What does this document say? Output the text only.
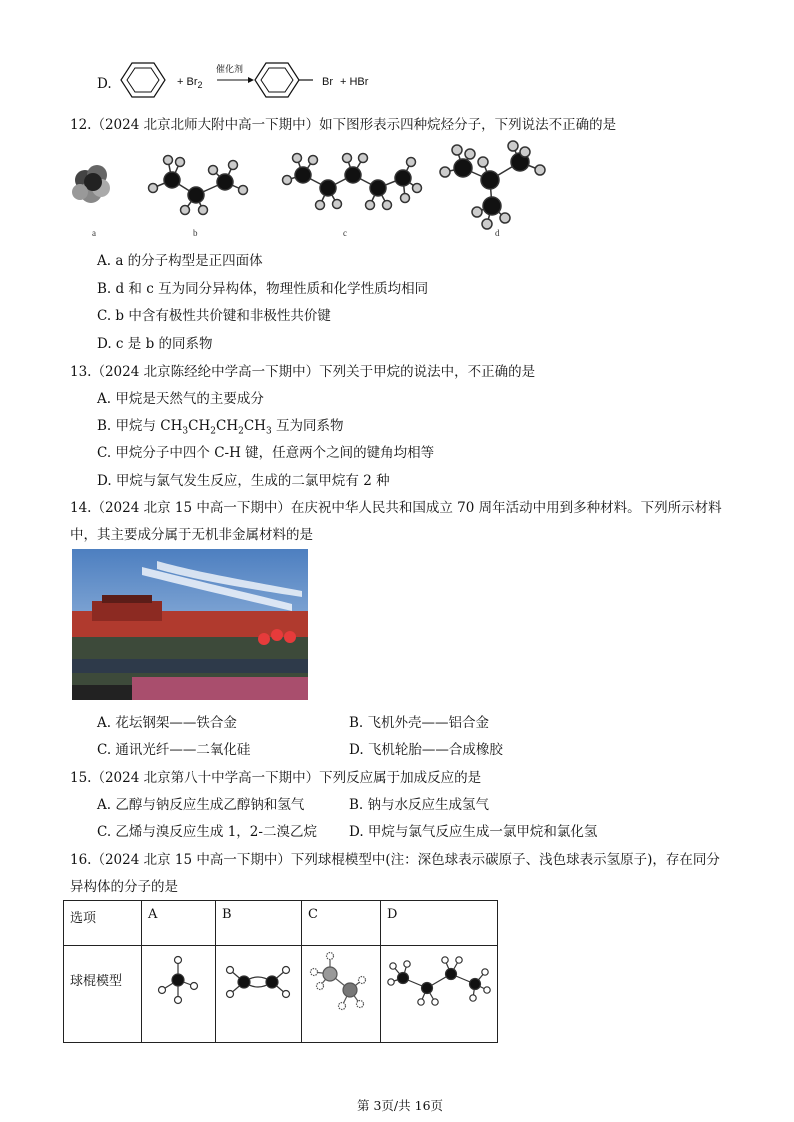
D.	+ $Br_2$
催化剂
Br + HBr
12.（2024 北京北师大附中高一下期中）如下图形表示四种烷烃分子，下列说法不正确的是
a	b	c	d
A. a 的分子构型是正四面体
B. d 和 c 互为同分异构体，物理性质和化学性质均相同
C. b 中含有极性共价键和非极性共价键
D. c 是 b 的同系物
13.（2024 北京陈经纶中学高一下期中）下列关于甲烷的说法中，不正确的是
A. 甲烷是天然气的主要成分
B. 甲烷与 $CH_3CH_2CH_2CH_3$ 互为同系物
C. 甲烷分子中四个 C-H 键，任意两个之间的键角均相等
D. 甲烷与氯气发生反应，生成的二氯甲烷有 2 种
14.（2024 北京 15 中高一下期中）在庆祝中华人民共和国成立 70 周年活动中用到多种材料。下列所示材料
中，其主要成分属于无机非金属材料的是
A. 花坛钢架——铁合金	B. 飞机外壳——铝合金
C. 通讯光纤——二氧化硅	D. 飞机轮胎——合成橡胶
15.（2024 北京第八十中学高一下期中）下列反应属于加成反应的是
A. 乙醇与钠反应生成乙醇钠和氢气	B. 钠与水反应生成氢气
C. 乙烯与溴反应生成 1，2-二溴乙烷 D. 甲烷与氯气反应生成一氯甲烷和氯化氢
16.（2024 北京 15 中高一下期中）下列球棍模型中(注：深色球表示碳原子、浅色球表示氢原子)，存在同分
异构体的分子的是
选项	A	B	C	D
球棍模型				
第 3页/共 16页
